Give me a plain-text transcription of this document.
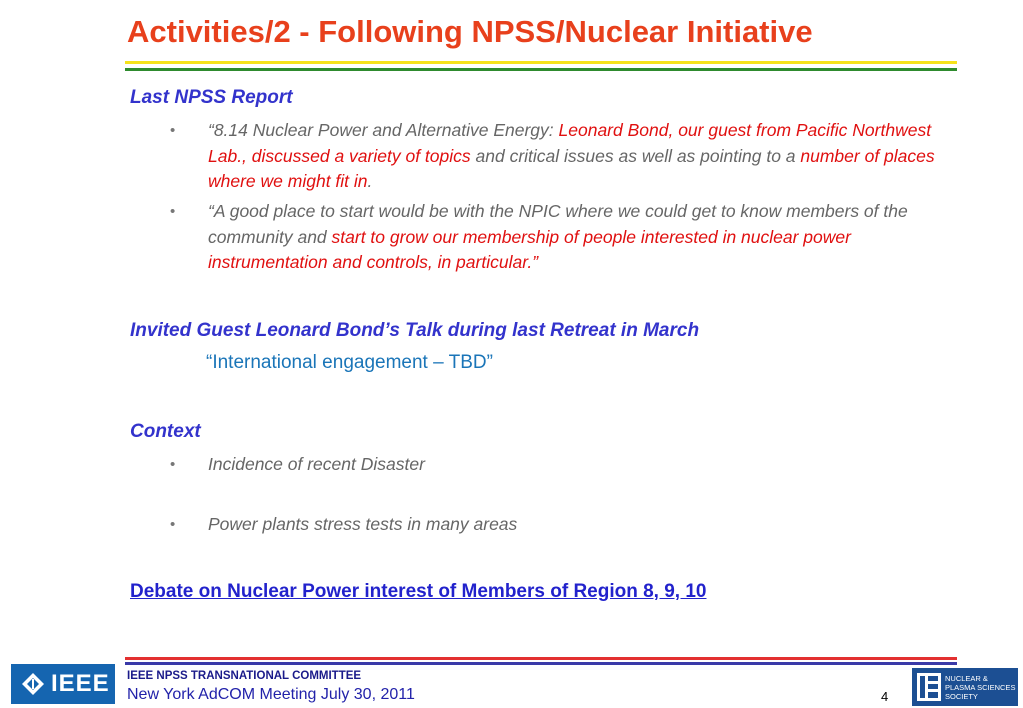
Activities/2 - Following NPSS/Nuclear Initiative
Last NPSS Report
• “8.14 Nuclear Power and Alternative Energy: Leonard Bond, our guest from Pacific Northwest Lab., discussed a variety of topics and critical issues as well as pointing to a number of places where we might fit in.
• “A good place to start would be with the NPIC where we could get to know members of the community and start to grow our membership of people interested in nuclear power instrumentation and controls, in particular.”
Invited Guest Leonard Bond’s Talk during last Retreat in March
“International engagement – TBD”
Context
• Incidence of recent Disaster
• Power plants stress tests in many areas
Debate on Nuclear Power interest of Members of Region 8, 9, 10
IEEE IEEE NPSS TRANSNATIONAL COMMITTEE
New York AdCOM Meeting July 30, 2011	4
NUCLEAR &
PLASMA SCIENCES
SOCIETY
